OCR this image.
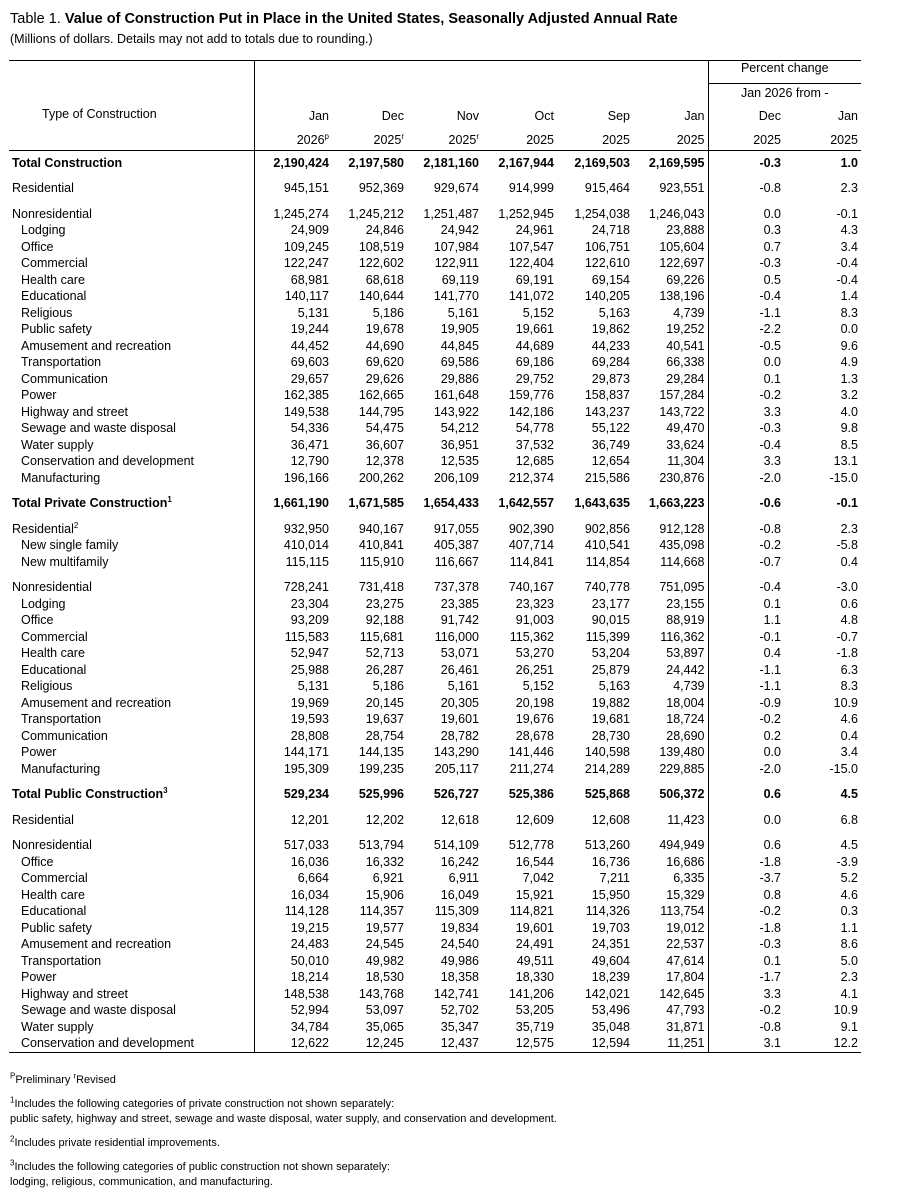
Table 1. Value of Construction Put in Place in the United States, Seasonally Adjusted Annual Rate
(Millions of dollars. Details may not add to totals due to rounding.)

							Percent change	

							Jan 2026 from -	
Type of Construction	Jan	Dec	Nov	Oct	Sep	Jan	Dec	Jan
	2026$^p$	2025$^r$	2025$^r$	2025	2025	2025	2025	2025

Total Construction	2,190,424	2,197,580	2,181,160	2,167,944	2,169,503	2,169,595	-0.3	1.0

Residential	945,151	952,369	929,674	914,999	915,464	923,551	-0.8	2.3

Nonresidential	1,245,274	1,245,212	1,251,487	1,252,945	1,254,038	1,246,043	0.0	-0.1
Lodging	24,909	24,846	24,942	24,961	24,718	23,888	0.3	4.3
Office	109,245	108,519	107,984	107,547	106,751	105,604	0.7	3.4
Commercial	122,247	122,602	122,911	122,404	122,610	122,697	-0.3	-0.4
Health care	68,981	68,618	69,119	69,191	69,154	69,226	0.5	-0.4
Educational	140,117	140,644	141,770	141,072	140,205	138,196	-0.4	1.4
Religious	5,131	5,186	5,161	5,152	5,163	4,739	-1.1	8.3
Public safety	19,244	19,678	19,905	19,661	19,862	19,252	-2.2	0.0
Amusement and recreation	44,452	44,690	44,845	44,689	44,233	40,541	-0.5	9.6
Transportation	69,603	69,620	69,586	69,186	69,284	66,338	0.0	4.9
Communication	29,657	29,626	29,886	29,752	29,873	29,284	0.1	1.3
Power	162,385	162,665	161,648	159,776	158,837	157,284	-0.2	3.2
Highway and street	149,538	144,795	143,922	142,186	143,237	143,722	3.3	4.0
Sewage and waste disposal	54,336	54,475	54,212	54,778	55,122	49,470	-0.3	9.8
Water supply	36,471	36,607	36,951	37,532	36,749	33,624	-0.4	8.5
Conservation and development	12,790	12,378	12,535	12,685	12,654	11,304	3.3	13.1
Manufacturing	196,166	200,262	206,109	212,374	215,586	230,876	-2.0	-15.0

Total Private Construction$^1$	1,661,190	1,671,585	1,654,433	1,642,557	1,643,635	1,663,223	-0.6	-0.1

Residential$^2$	932,950	940,167	917,055	902,390	902,856	912,128	-0.8	2.3
New single family	410,014	410,841	405,387	407,714	410,541	435,098	-0.2	-5.8
New multifamily	115,115	115,910	116,667	114,841	114,854	114,668	-0.7	0.4

Nonresidential	728,241	731,418	737,378	740,167	740,778	751,095	-0.4	-3.0
Lodging	23,304	23,275	23,385	23,323	23,177	23,155	0.1	0.6
Office	93,209	92,188	91,742	91,003	90,015	88,919	1.1	4.8
Commercial	115,583	115,681	116,000	115,362	115,399	116,362	-0.1	-0.7
Health care	52,947	52,713	53,071	53,270	53,204	53,897	0.4	-1.8
Educational	25,988	26,287	26,461	26,251	25,879	24,442	-1.1	6.3
Religious	5,131	5,186	5,161	5,152	5,163	4,739	-1.1	8.3
Amusement and recreation	19,969	20,145	20,305	20,198	19,882	18,004	-0.9	10.9
Transportation	19,593	19,637	19,601	19,676	19,681	18,724	-0.2	4.6
Communication	28,808	28,754	28,782	28,678	28,730	28,690	0.2	0.4
Power	144,171	144,135	143,290	141,446	140,598	139,480	0.0	3.4
Manufacturing	195,309	199,235	205,117	211,274	214,289	229,885	-2.0	-15.0

Total Public Construction$^3$	529,234	525,996	526,727	525,386	525,868	506,372	0.6	4.5

Residential	12,201	12,202	12,618	12,609	12,608	11,423	0.0	6.8

Nonresidential	517,033	513,794	514,109	512,778	513,260	494,949	0.6	4.5
Office	16,036	16,332	16,242	16,544	16,736	16,686	-1.8	-3.9
Commercial	6,664	6,921	6,911	7,042	7,211	6,335	-3.7	5.2
Health care	16,034	15,906	16,049	15,921	15,950	15,329	0.8	4.6
Educational	114,128	114,357	115,309	114,821	114,326	113,754	-0.2	0.3
Public safety	19,215	19,577	19,834	19,601	19,703	19,012	-1.8	1.1
Amusement and recreation	24,483	24,545	24,540	24,491	24,351	22,537	-0.3	8.6
Transportation	50,010	49,982	49,986	49,511	49,604	47,614	0.1	5.0
Power	18,214	18,530	18,358	18,330	18,239	17,804	-1.7	2.3
Highway and street	148,538	143,768	142,741	141,206	142,021	142,645	3.3	4.1
Sewage and waste disposal	52,994	53,097	52,702	53,205	53,496	47,793	-0.2	10.9
Water supply	34,784	35,065	35,347	35,719	35,048	31,871	-0.8	9.1
Conservation and development	12,622	12,245	12,437	12,575	12,594	11,251	3.1	12.2

$^P$Preliminary $^r$Revised

$^1$Includes the following categories of private construction not shown separately:

public safety, highway and street, sewage and waste disposal, water supply, and conservation and development.

$^2$Includes private residential improvements.

$^3$Includes the following categories of public construction not shown separately:

lodging, religious, communication, and manufacturing.
